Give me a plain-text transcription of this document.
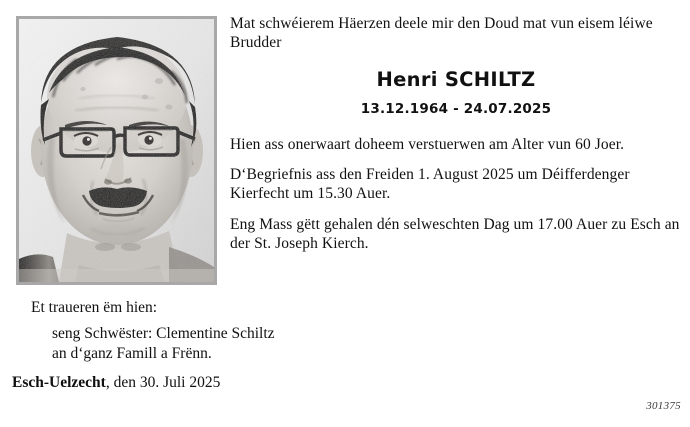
Mat schwéierem Häerzen deele mir den Doud mat vun eisem léiwe Brudder

Henri SCHILTZ
13.12.1964 - 24.07.2025

Hien ass onerwaart doheem verstuerwen am Alter vun 60 Joer.

D‘Begriefnis ass den Freiden 1. August 2025 um Déifferdenger Kierfecht um 15.30 Auer.

Eng Mass gëtt gehalen dén selweschten Dag um 17.00 Auer zu Esch an der St. Joseph Kierch.

Et traueren ëm hien:

seng Schwëster: Clementine Schiltz

an d‘ganz Famill a Frënn.

Esch-Uelzecht, den 30. Juli 2025
301375
